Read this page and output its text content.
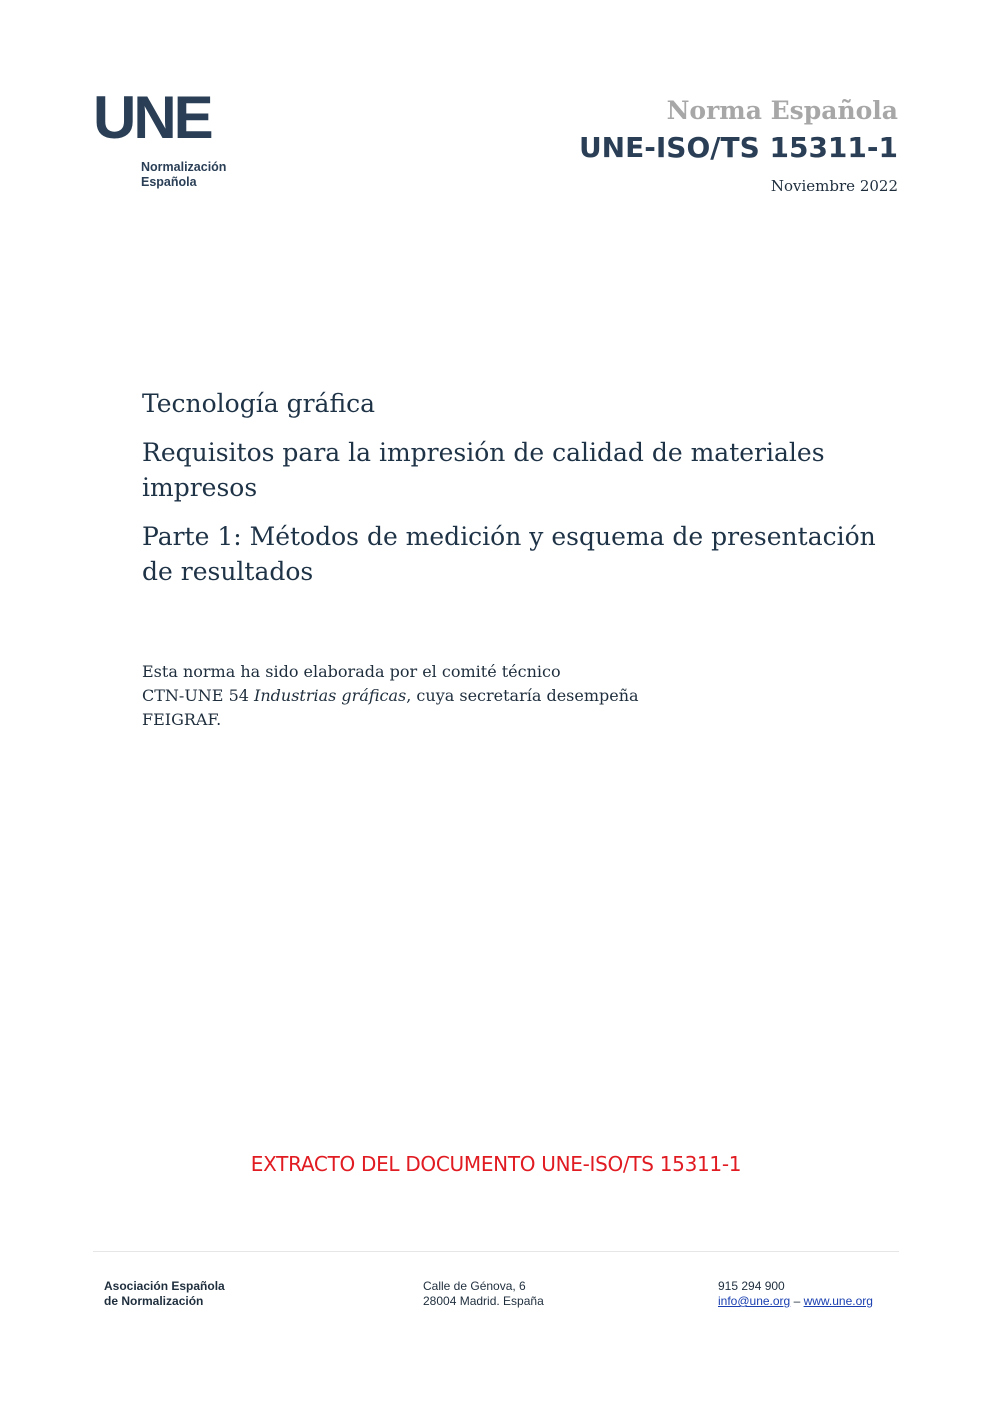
UNE
Normalización
Española
Norma Española
UNE-ISO/TS 15311-1
Noviembre 2022

Tecnología gráfica

Requisitos para la impresión de calidad de materiales impresos

Parte 1: Métodos de medición y esquema de presentación de resultados

Esta norma ha sido elaborada por el comité técnico
CTN-UNE 54 Industrias gráficas, cuya secretaría desempeña
FEIGRAF.
EXTRACTO DEL DOCUMENTO UNE-ISO/TS 15311-1
Asociación Española
de Normalización
Calle de Génova, 6
28004 Madrid. España
915 294 900
info@une.org – www.une.org
